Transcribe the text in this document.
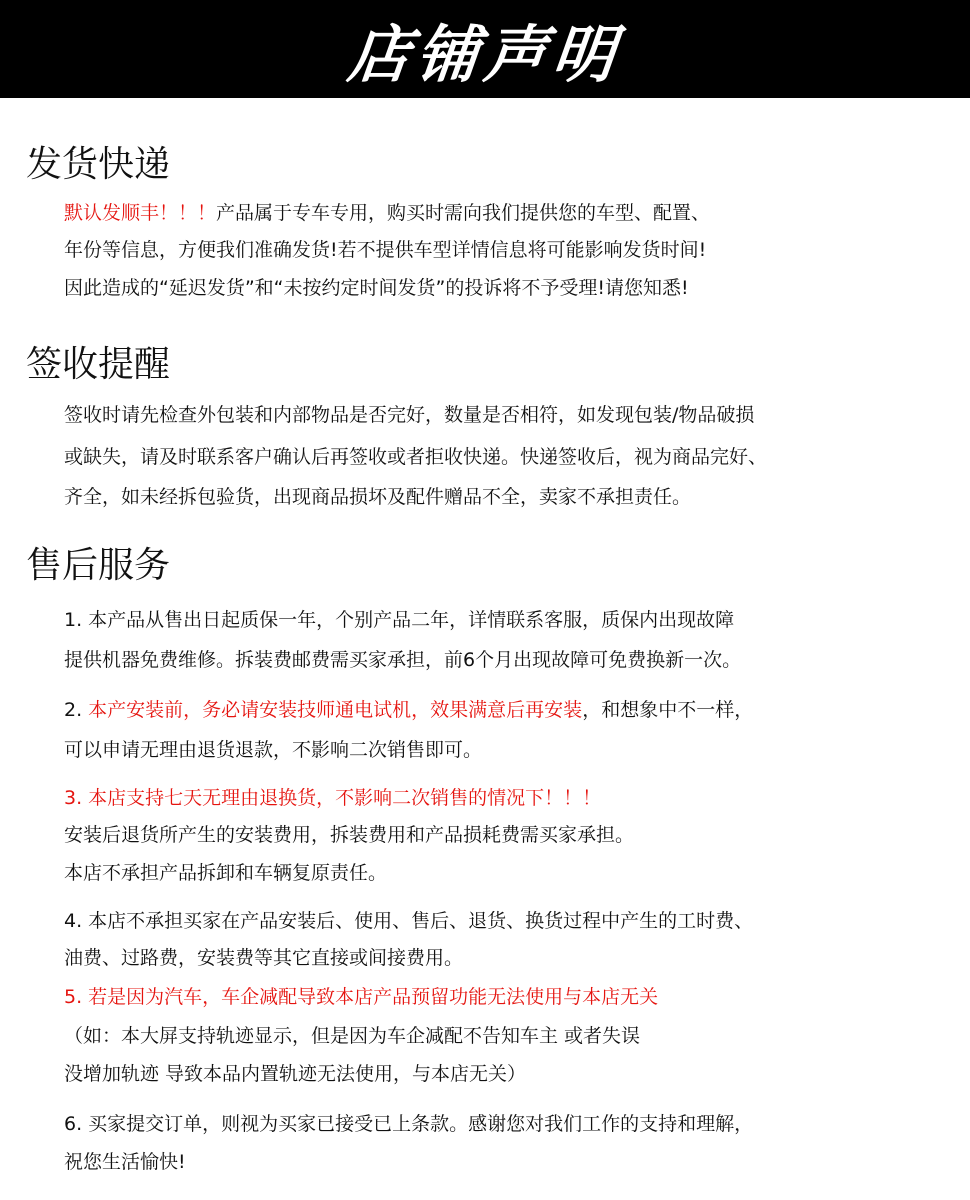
店铺声明
发货快递

默认发顺丰！！！产品属于专车专用，购买时需向我们提供您的车型、配置、

年份等信息，方便我们准确发货!若不提供车型详情信息将可能影响发货时间!

因此造成的“延迟发货”和“未按约定时间发货”的投诉将不予受理!请您知悉!

签收提醒

签收时请先检查外包装和内部物品是否完好，数量是否相符，如发现包装/物品破损

或缺失，请及时联系客户确认后再签收或者拒收快递。快递签收后，视为商品完好、

齐全，如未经拆包验货，出现商品损坏及配件赠品不全，卖家不承担责任。

售后服务

1. 本产品从售出日起质保一年，个别产品二年，详情联系客服，质保内出现故障

提供机器免费维修。拆装费邮费需买家承担，前6个月出现故障可免费换新一次。

2. 本产安装前，务必请安装技师通电试机，效果满意后再安装，和想象中不一样，

可以申请无理由退货退款，不影响二次销售即可。

3. 本店支持七天无理由退换货，不影响二次销售的情况下！！！

安装后退货所产生的安装费用，拆装费用和产品损耗费需买家承担。

本店不承担产品拆卸和车辆复原责任。

4. 本店不承担买家在产品安装后、使用、售后、退货、换货过程中产生的工时费、

油费、过路费，安装费等其它直接或间接费用。

5. 若是因为汽车，车企减配导致本店产品预留功能无法使用与本店无关

（如：本大屏支持轨迹显示，但是因为车企减配不告知车主 或者失误

没增加轨迹 导致本品内置轨迹无法使用，与本店无关）

6. 买家提交订单，则视为买家已接受已上条款。感谢您对我们工作的支持和理解，

祝您生活愉快!
